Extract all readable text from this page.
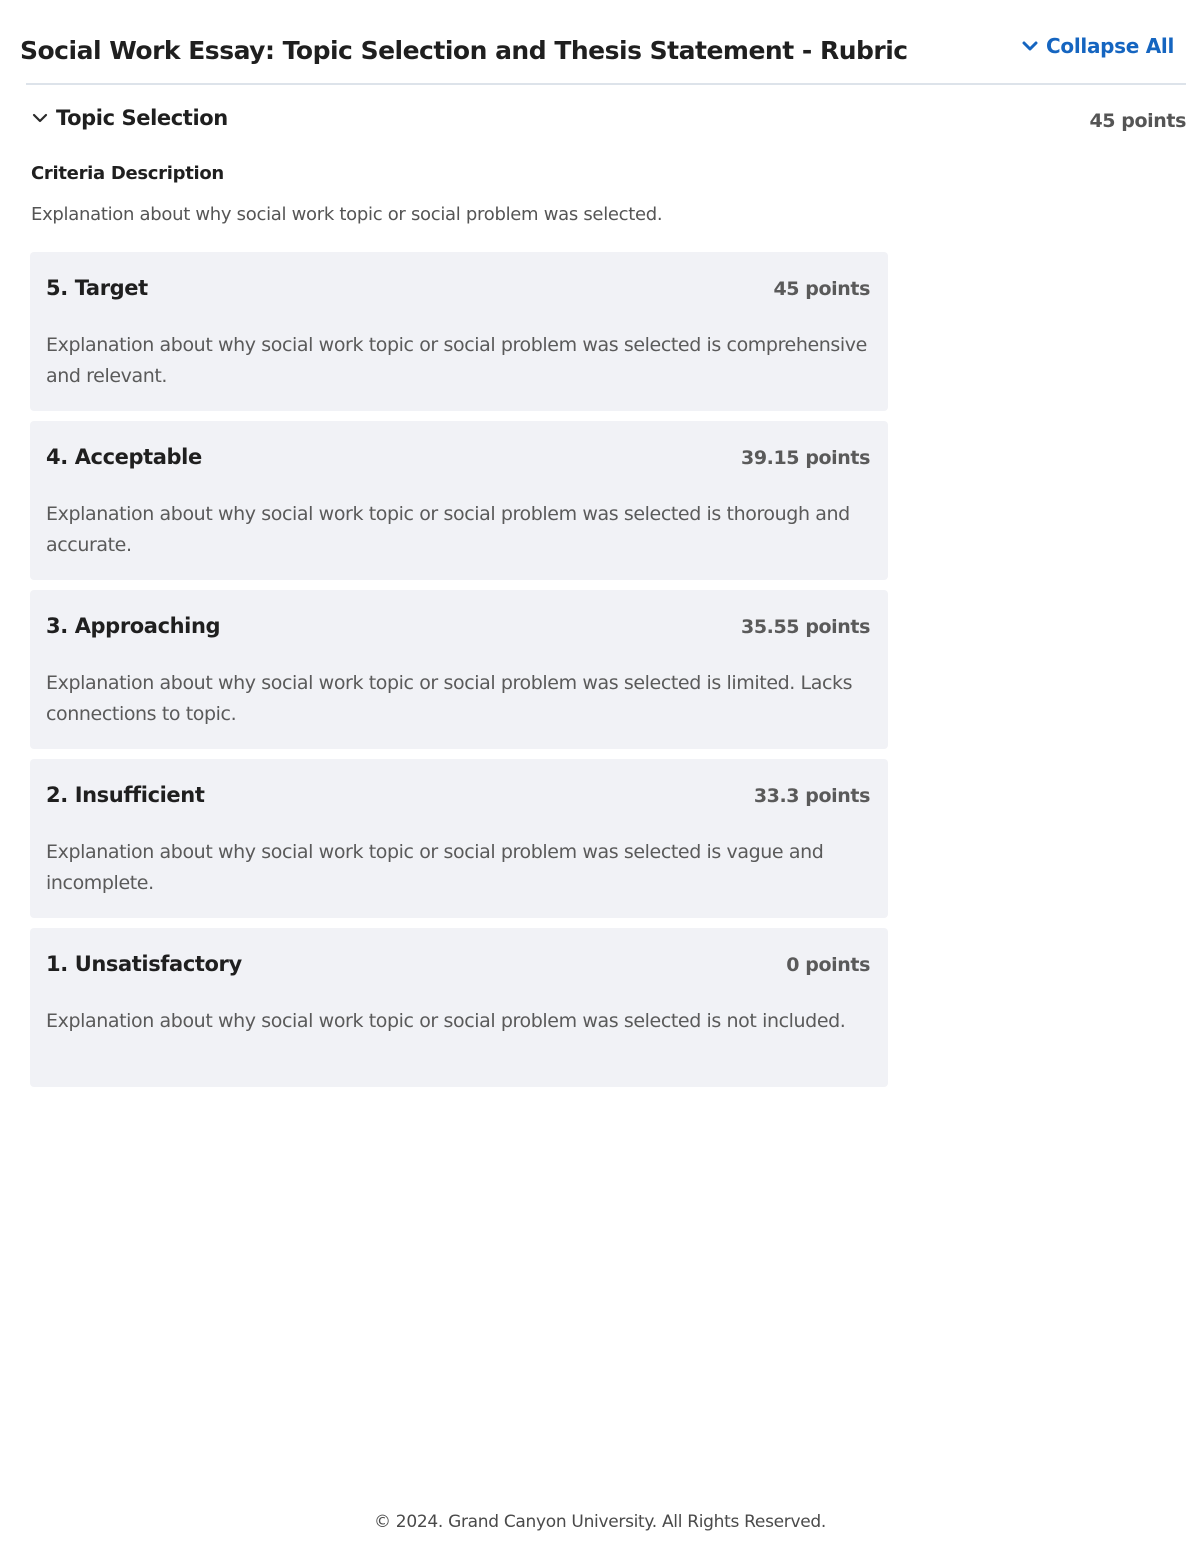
Social Work Essay: Topic Selection and Thesis Statement - Rubric	Collapse All
Topic Selection	45 points
Criteria Description
Explanation about why social work topic or social problem was selected.
5. Target	45 points
Explanation about why social work topic or social problem was selected is comprehensive and relevant.
4. Acceptable	39.15 points
Explanation about why social work topic or social problem was selected is thorough and accurate.
3. Approaching	35.55 points
Explanation about why social work topic or social problem was selected is limited. Lacks connections to topic.
2. Insufficient	33.3 points
Explanation about why social work topic or social problem was selected is vague and incomplete.
1. Unsatisfactory	0 points
Explanation about why social work topic or social problem was selected is not included.
© 2024. Grand Canyon University. All Rights Reserved.
